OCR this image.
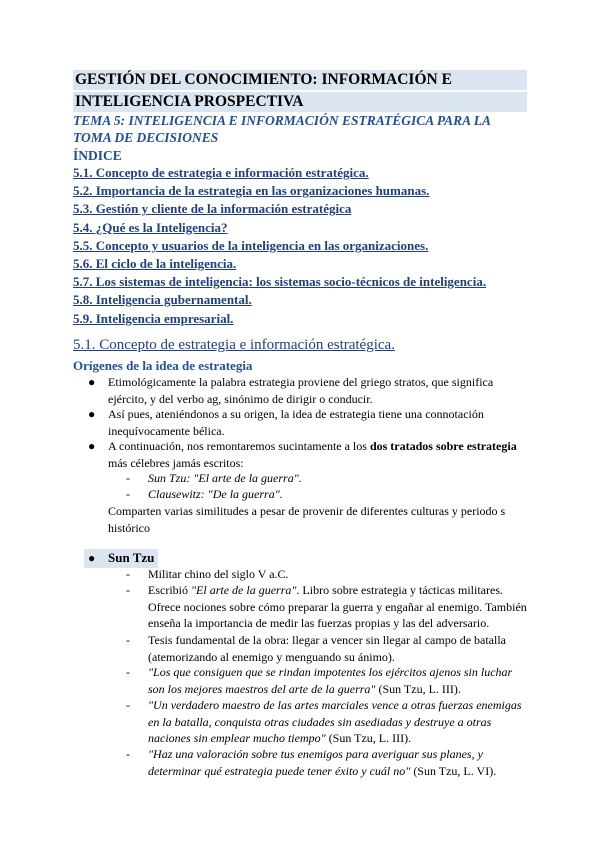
GESTIÓN DEL CONOCIMIENTO: INFORMACIÓN E
INTELIGENCIA PROSPECTIVA
TEMA 5: INTELIGENCIA E INFORMACIÓN ESTRATÉGICA PARA LA TOMA DE DECISIONES
ÍNDICE
5.1. Concepto de estrategia e información estratégica.
5.2. Importancia de la estrategia en las organizaciones humanas.
5.3. Gestión y cliente de la información estratégica
5.4. ¿Qué es la Inteligencia?
5.5. Concepto y usuarios de la inteligencia en las organizaciones.
5.6. El ciclo de la inteligencia.
5.7. Los sistemas de inteligencia: los sistemas socio-técnicos de inteligencia.
5.8. Inteligencia gubernamental.
5.9. Inteligencia empresarial.
5.1. Concepto de estrategia e información estratégica.
Orígenes de la idea de estrategia
● Etimológicamente la palabra estrategia proviene del griego stratos, que significa
ejército, y del verbo ag, sinónimo de dirigir o conducir.
● Así pues, ateniéndonos a su origen, la idea de estrategia tiene una connotación
inequívocamente bélica.
● A continuación, nos remontaremos sucintamente a los dos tratados sobre estrategia
más célebres jamás escritos:
- Sun Tzu: "El arte de la guerra".
- Clausewitz: "De la guerra".
Comparten varias similitudes a pesar de provenir de diferentes culturas y periodo s
histórico
● Sun Tzu
- Militar chino del siglo V a.C.
- Escribió "El arte de la guerra". Libro sobre estrategia y tácticas militares.
Ofrece nociones sobre cómo preparar la guerra y engañar al enemigo. También
enseña la importancia de medir las fuerzas propias y las del adversario.
- Tesis fundamental de la obra: llegar a vencer sin llegar al campo de batalla
(atemorizando al enemigo y menguando su ánimo).
- "Los que consiguen que se rindan impotentes los ejércitos ajenos sin luchar
son los mejores maestros del arte de la guerra" (Sun Tzu, L. III).
- "Un verdadero maestro de las artes marciales vence a otras fuerzas enemigas
en la batalla, conquista otras ciudades sin asediadas y destruye a otras
naciones sin emplear mucho tiempo" (Sun Tzu, L. III).
- "Haz una valoración sobre tus enemigos para averiguar sus planes, y
determinar qué estrategia puede tener éxito y cuál no" (Sun Tzu, L. VI).
